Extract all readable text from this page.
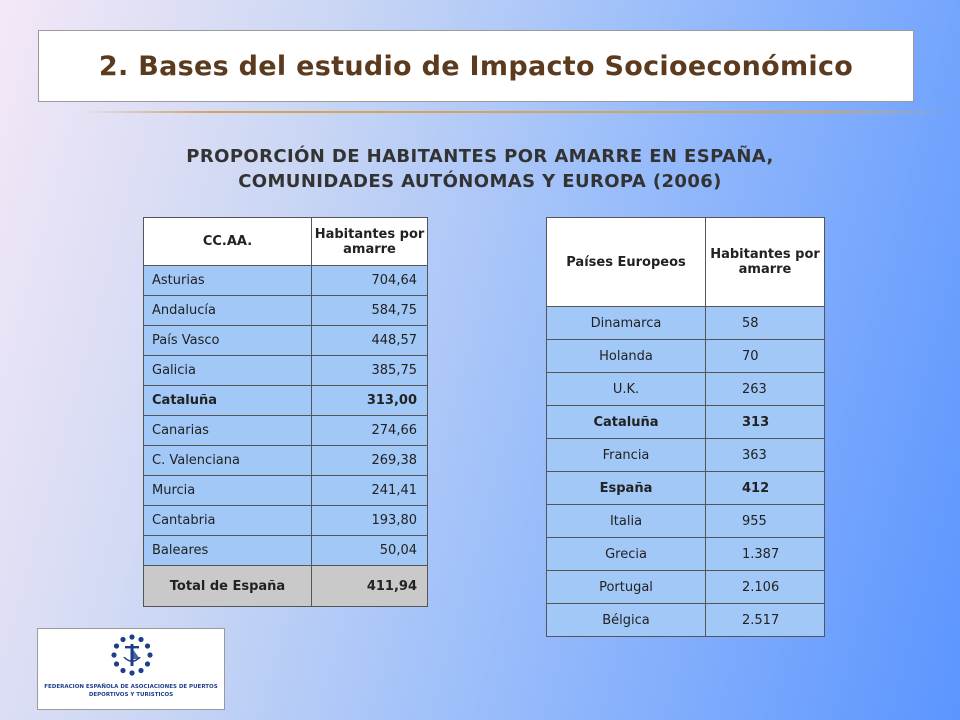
2. Bases del estudio de Impacto Socioeconómico
PROPORCIÓN DE HABITANTES POR AMARRE EN ESPAÑA,
COMUNIDADES AUTÓNOMAS Y EUROPA (2006)
CC.AA.	Habitantes por amarre
Asturias	704,64
Andalucía	584,75
País Vasco	448,57
Galicia	385,75
Cataluña	313,00
Canarias	274,66
C. Valenciana	269,38
Murcia	241,41
Cantabria	193,80
Baleares	50,04
Total de España	411,94
Países Europeos	Habitantes por amarre
Dinamarca	58
Holanda	70
U.K.	263
Cataluña	313
Francia	363
España	412
Italia	955
Grecia	1.387
Portugal	2.106
Bélgica	2.517
FEDERACION ESPAÑOLA DE ASOCIACIONES DE PUERTOS
DEPORTIVOS Y TURISTICOS
